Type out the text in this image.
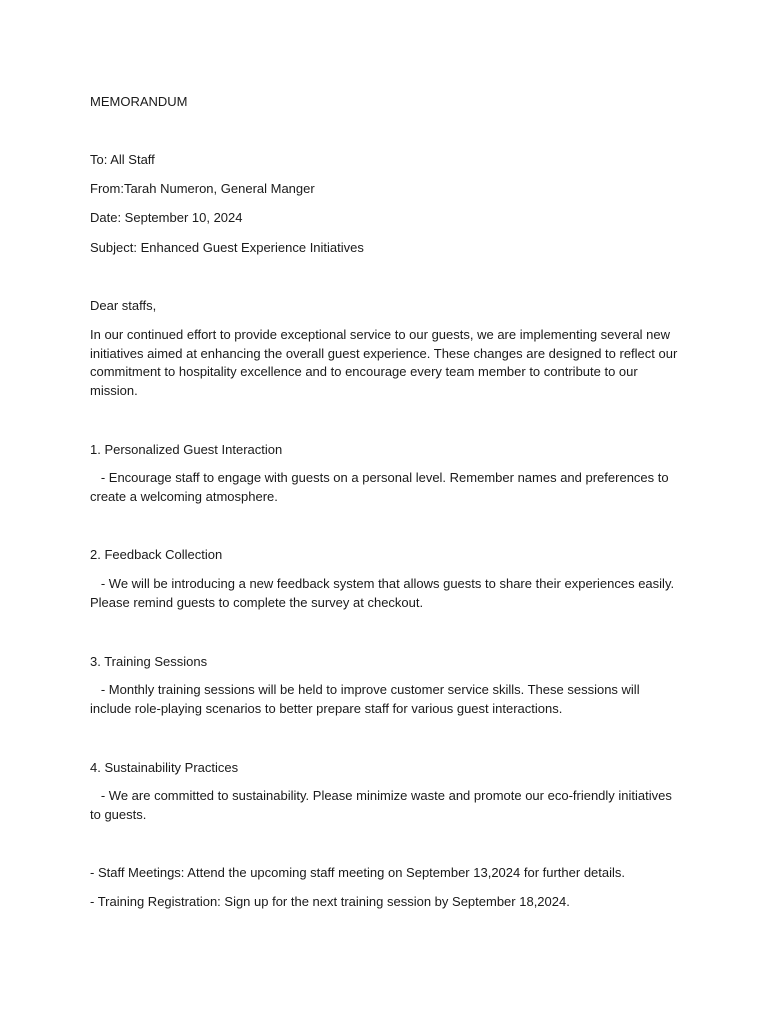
MEMORANDUM
To: All Staff
From:Tarah Numeron, General Manger
Date: September 10, 2024
Subject: Enhanced Guest Experience Initiatives
Dear staffs,
In our continued effort to provide exceptional service to our guests, we are implementing several new initiatives aimed at enhancing the overall guest experience. These changes are designed to reflect our commitment to hospitality excellence and to encourage every team member to contribute to our mission.
1. Personalized Guest Interaction
- Encourage staff to engage with guests on a personal level. Remember names and preferences to create a welcoming atmosphere.
2. Feedback Collection
- We will be introducing a new feedback system that allows guests to share their experiences easily. Please remind guests to complete the survey at checkout.
3. Training Sessions
- Monthly training sessions will be held to improve customer service skills. These sessions will include role-playing scenarios to better prepare staff for various guest interactions.
4. Sustainability Practices
- We are committed to sustainability. Please minimize waste and promote our eco-friendly initiatives to guests.
- Staff Meetings: Attend the upcoming staff meeting on September 13,2024 for further details.
- Training Registration: Sign up for the next training session by September 18,2024.
